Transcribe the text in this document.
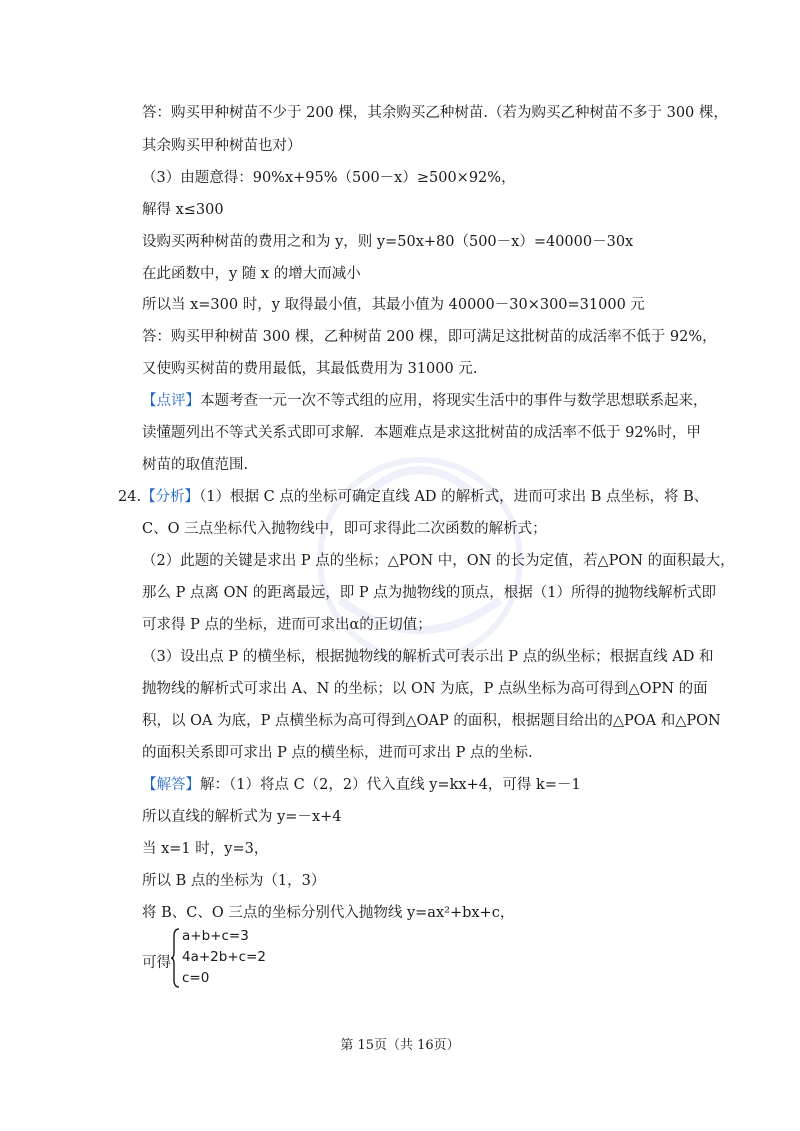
答：购买甲种树苗不少于 200 棵，其余购买乙种树苗.（若为购买乙种树苗不多于 300 棵，
其余购买甲种树苗也对）
（3）由题意得：90%x+95%（500－x）≥500×92%，
解得 x≤300
设购买两种树苗的费用之和为 y，则 y=50x+80（500－x）=40000－30x
在此函数中，y 随 x 的增大而减小
所以当 x=300 时，y 取得最小值，其最小值为 40000－30×300=31000 元
答：购买甲种树苗 300 棵，乙种树苗 200 棵，即可满足这批树苗的成活率不低于 92%，
又使购买树苗的费用最低，其最低费用为 31000 元.
【点评】本题考查一元一次不等式组的应用，将现实生活中的事件与数学思想联系起来，
读懂题列出不等式关系式即可求解．本题难点是求这批树苗的成活率不低于 92%时，甲
树苗的取值范围.
24.【分析】（1）根据 C 点的坐标可确定直线 AD 的解析式，进而可求出 B 点坐标，将 B、
C、O 三点坐标代入抛物线中，即可求得此二次函数的解析式；
（2）此题的关键是求出 P 点的坐标；△PON 中，ON 的长为定值，若△PON 的面积最大，
那么 P 点离 ON 的距离最远，即 P 点为抛物线的顶点，根据（1）所得的抛物线解析式即
可求得 P 点的坐标，进而可求出α的正切值；
（3）设出点 P 的横坐标，根据抛物线的解析式可表示出 P 点的纵坐标；根据直线 AD 和
抛物线的解析式可求出 A、N 的坐标；以 ON 为底，P 点纵坐标为高可得到△OPN 的面
积，以 OA 为底，P 点横坐标为高可得到△OAP 的面积，根据题目给出的△POA 和△PON
的面积关系即可求出 P 点的横坐标，进而可求出 P 点的坐标.
【解答】解：（1）将点 C（2，2）代入直线 y=kx+4，可得 k=－1
所以直线的解析式为 y=－x+4
当 x=1 时，y=3，
所以 B 点的坐标为（1，3）
将 B、C、O 三点的坐标分别代入抛物线 y=ax²+bx+c，
可得
a+b+c=3
4a+2b+c=2
c=0
第 15页（共 16页）
